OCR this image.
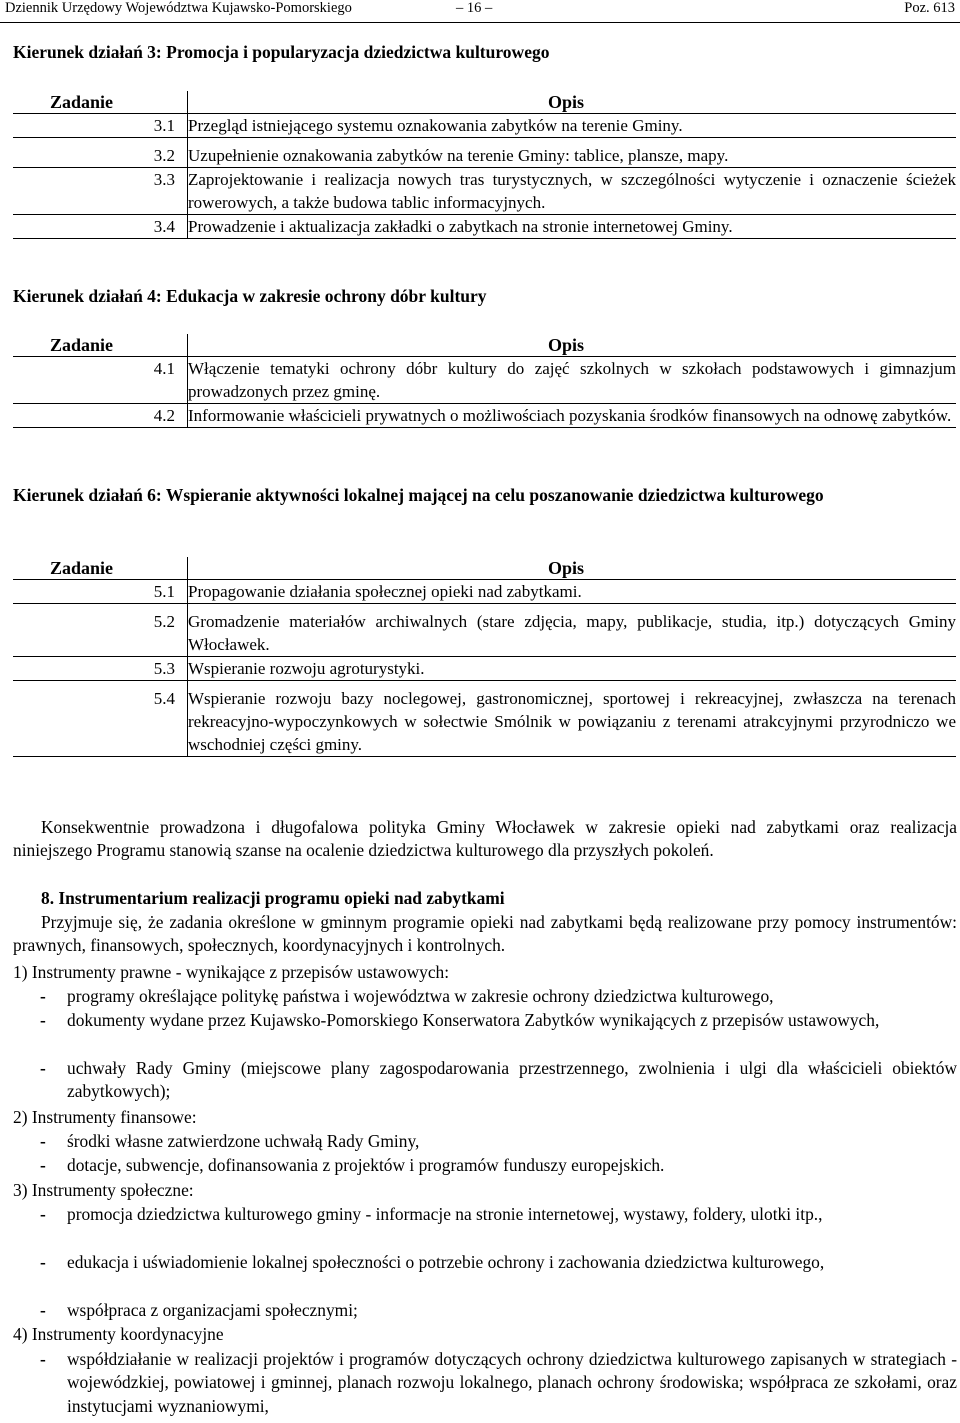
Dziennik Urzędowy Województwa Kujawsko-Pomorskiego	– 16 –	Poz. 613
Kierunek działań 3: Promocja i popularyzacja dziedzictwa kulturowego
Zadanie	Opis
3.1	Przegląd istniejącego systemu oznakowania zabytków na terenie Gminy.
3.2	Uzupełnienie oznakowania zabytków na terenie Gminy: tablice, plansze, mapy.
3.3	Zaprojektowanie i realizacja nowych tras turystycznych, w szczególności wytyczenie i oznaczenie ścieżek rowerowych, a także budowa tablic informacyjnych.
3.4	Prowadzenie i aktualizacja zakładki o zabytkach na stronie internetowej Gminy.
Kierunek działań 4: Edukacja w zakresie ochrony dóbr kultury
Zadanie	Opis
4.1	Włączenie tematyki ochrony dóbr kultury do zajęć szkolnych w szkołach podstawowych i gimnazjum prowadzonych przez gminę.
4.2	Informowanie właścicieli prywatnych o możliwościach pozyskania środków finansowych na odnowę zabytków.
Kierunek działań 6: Wspieranie aktywności lokalnej mającej na celu poszanowanie dziedzictwa kulturowego
Zadanie	Opis
5.1	Propagowanie działania społecznej opieki nad zabytkami.
5.2	Gromadzenie materiałów archiwalnych (stare zdjęcia, mapy, publikacje, studia, itp.) dotyczących Gminy Włocławek.
5.3	Wspieranie rozwoju agroturystyki.
5.4	Wspieranie rozwoju bazy noclegowej, gastronomicznej, sportowej i rekreacyjnej, zwłaszcza na terenach rekreacyjno-wypoczynkowych w sołectwie Smólnik w powiązaniu z terenami atrakcyjnymi przyrodniczo we wschodniej części gminy.
Konsekwentnie prowadzona i długofalowa polityka Gminy Włocławek w zakresie opieki nad zabytkami oraz realizacja niniejszego Programu stanowią szanse na ocalenie dziedzictwa kulturowego dla przyszłych pokoleń.
8. Instrumentarium realizacji programu opieki nad zabytkami
Przyjmuje się, że zadania określone w gminnym programie opieki nad zabytkami będą realizowane przy pomocy instrumentów: prawnych, finansowych, społecznych, koordynacyjnych i kontrolnych.
1) Instrumenty prawne - wynikające z przepisów ustawowych:
- programy określające politykę państwa i województwa w zakresie ochrony dziedzictwa kulturowego,
- dokumenty wydane przez Kujawsko-Pomorskiego Konserwatora Zabytków wynikających z przepisów ustawowych,
- uchwały Rady Gminy (miejscowe plany zagospodarowania przestrzennego, zwolnienia i ulgi dla właścicieli obiektów zabytkowych);
2) Instrumenty finansowe:
- środki własne zatwierdzone uchwałą Rady Gminy,
- dotacje, subwencje, dofinansowania z projektów i programów funduszy europejskich.
3) Instrumenty społeczne:
- promocja dziedzictwa kulturowego gminy - informacje na stronie internetowej, wystawy, foldery, ulotki itp.,
- edukacja i uświadomienie lokalnej społeczności o potrzebie ochrony i zachowania dziedzictwa kulturowego,
- współpraca z organizacjami społecznymi;
4) Instrumenty koordynacyjne
- współdziałanie w realizacji projektów i programów dotyczących ochrony dziedzictwa kulturowego zapisanych w strategiach - wojewódzkiej, powiatowej i gminnej, planach rozwoju lokalnego, planach ochrony środowiska; współpraca ze szkołami, oraz instytucjami wyznaniowymi,
